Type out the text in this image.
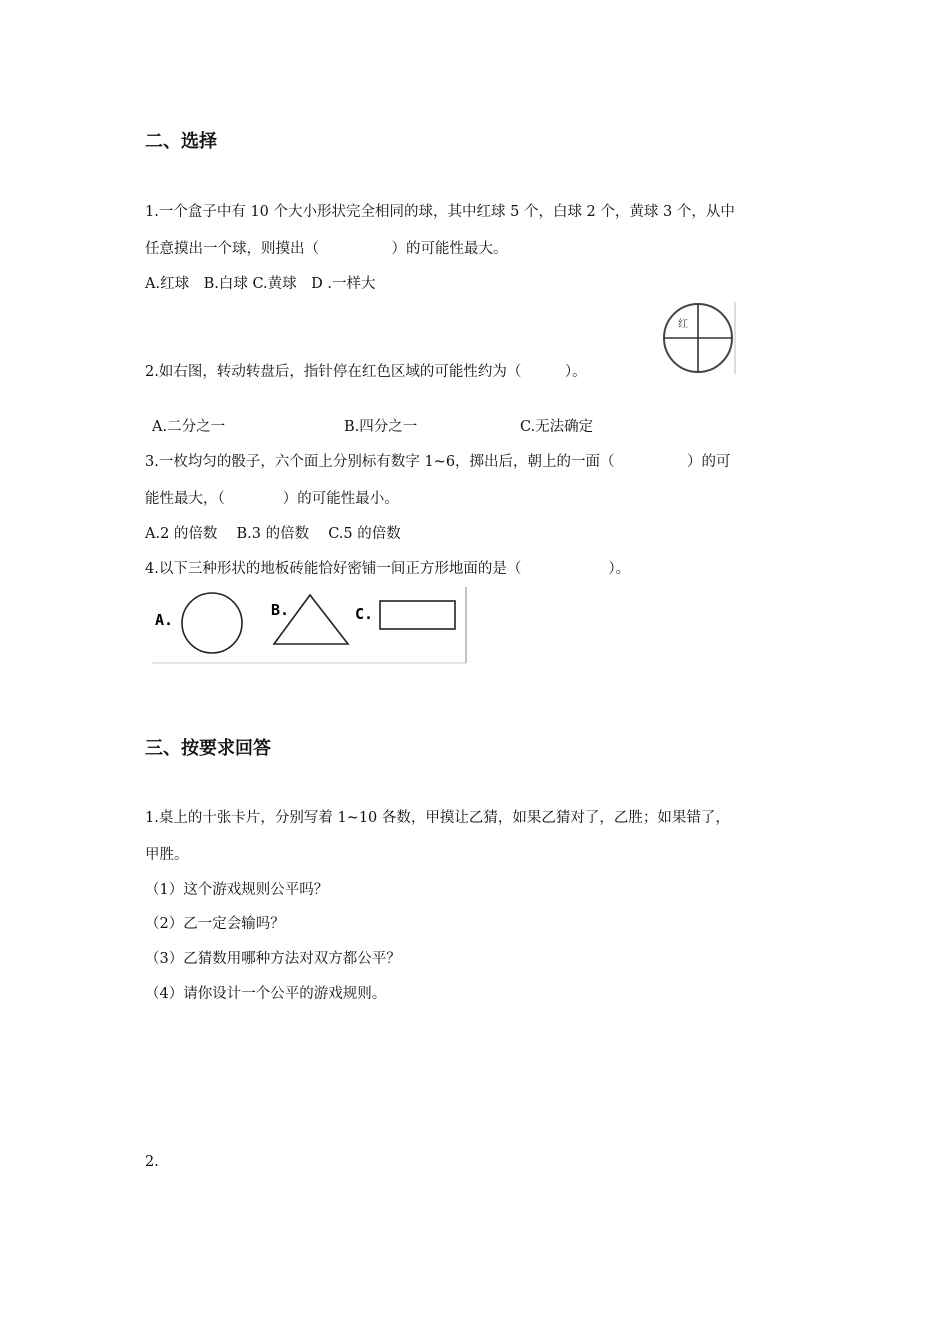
二、选择
1.一个盒子中有 10 个大小形状完全相同的球，其中红球 5 个，白球 2 个，黄球 3 个，从中
任意摸出一个球，则摸出（　　　　　）的可能性最大。
A.红球　B.白球 C.黄球　D .一样大
2.如右图，转动转盘后，指针停在红色区域的可能性约为（　　　）。
红
A.二分之一	B.四分之一	C.无法确定
3.一枚均匀的骰子，六个面上分别标有数字 1~6，掷出后，朝上的一面（　　　　　）的可
能性最大，（　　　　）的可能性最小。
A.2 的倍数　 B.3 的倍数　 C.5 的倍数
4.以下三种形状的地板砖能恰好密铺一间正方形地面的是（　　　　　　）。
A.
B.	C.
三、按要求回答
1.桌上的十张卡片，分别写着 1~10 各数，甲摸让乙猜，如果乙猜对了，乙胜；如果错了，
甲胜。
（1）这个游戏规则公平吗？
（2）乙一定会输吗？
（3）乙猜数用哪种方法对双方都公平？
（4）请你设计一个公平的游戏规则。
2.
